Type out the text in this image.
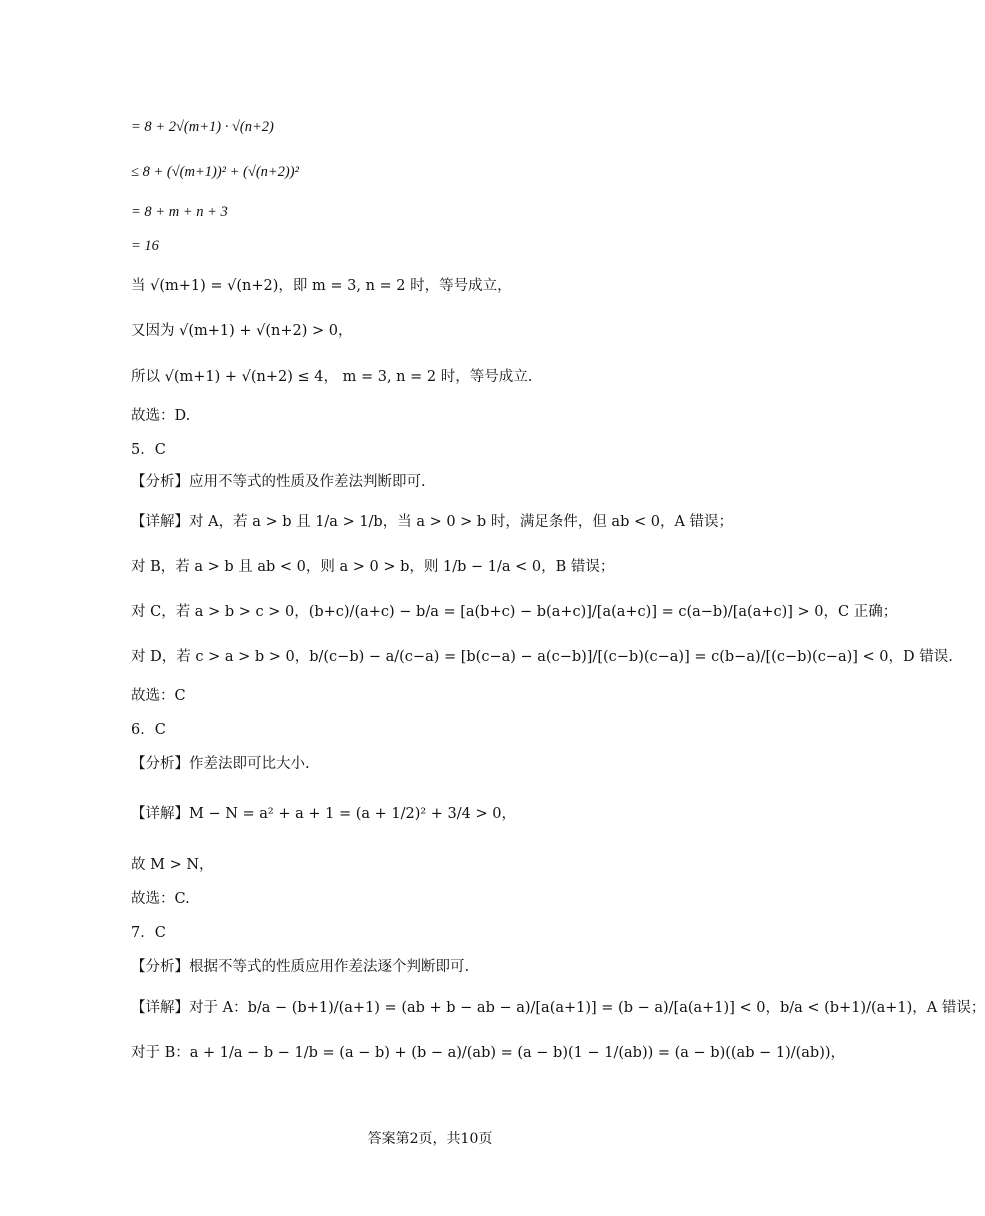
= 8 + 2√(m+1) · √(n+2)
≤ 8 + (√(m+1))² + (√(n+2))²
= 8 + m + n + 3
= 16
当 √(m+1) = √(n+2)，即 m = 3, n = 2 时，等号成立，
又因为 √(m+1) + √(n+2) > 0，
所以 √(m+1) + √(n+2) ≤ 4， m = 3, n = 2 时，等号成立.
故选：D.
5．C
【分析】应用不等式的性质及作差法判断即可.
【详解】对 A，若 a > b 且 1/a > 1/b，当 a > 0 > b 时，满足条件，但 ab < 0，A 错误；
对 B，若 a > b 且 ab < 0，则 a > 0 > b，则 1/b − 1/a < 0，B 错误；
对 C，若 a > b > c > 0，(b+c)/(a+c) − b/a = [a(b+c) − b(a+c)]/[a(a+c)] = c(a−b)/[a(a+c)] > 0，C 正确；
对 D，若 c > a > b > 0，b/(c−b) − a/(c−a) = [b(c−a) − a(c−b)]/[(c−b)(c−a)] = c(b−a)/[(c−b)(c−a)] < 0，D 错误.
故选：C
6．C
【分析】作差法即可比大小.
【详解】M − N = a² + a + 1 = (a + 1/2)² + 3/4 > 0，
故 M > N，
故选：C.
7．C
【分析】根据不等式的性质应用作差法逐个判断即可.
【详解】对于 A：b/a − (b+1)/(a+1) = (ab + b − ab − a)/[a(a+1)] = (b − a)/[a(a+1)] < 0，b/a < (b+1)/(a+1)，A 错误；
对于 B：a + 1/a − b − 1/b = (a − b) + (b − a)/(ab) = (a − b)(1 − 1/(ab)) = (a − b)((ab − 1)/(ab))，
答案第2页，共10页
